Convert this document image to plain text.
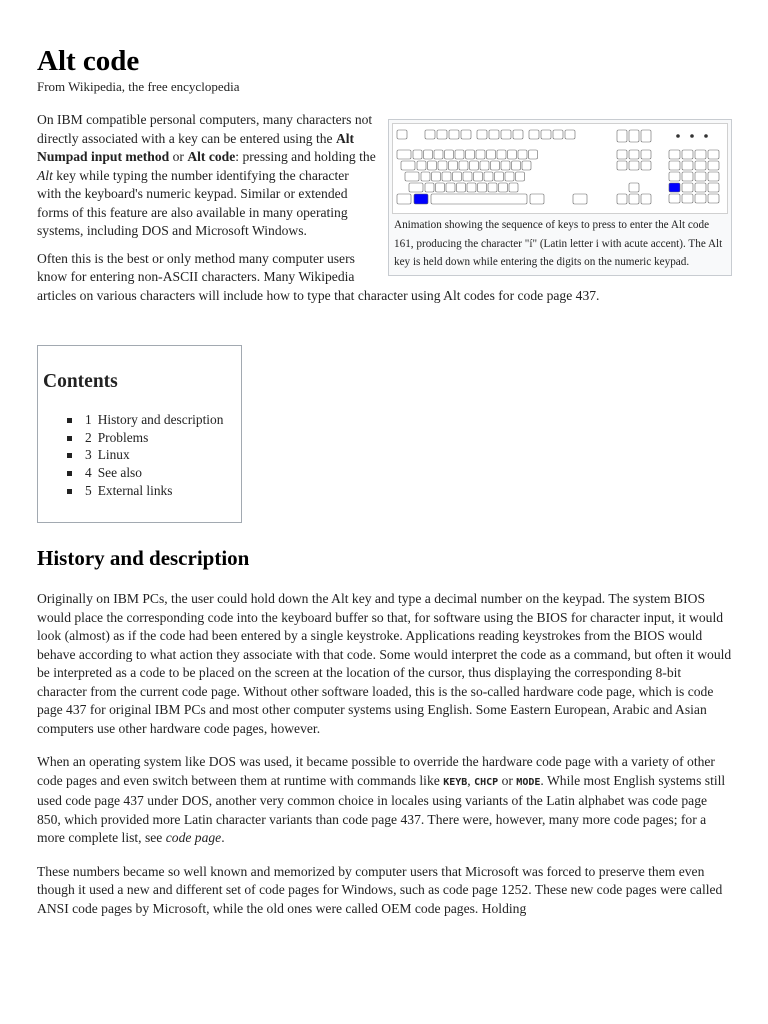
Alt code
From Wikipedia, the free encyclopedia
Animation showing the sequence of keys to press to enter the Alt code 161, producing the character "í" (Latin letter i with acute accent). The Alt key is held down while entering the digits on the numeric keypad.

On IBM compatible personal computers, many characters not directly associated with a key can be entered using the Alt Numpad input method or Alt code: pressing and holding the Alt key while typing the number identifying the character with the keyboard's numeric keypad. Similar or extended forms of this feature are also available in many operating systems, including DOS and Microsoft Windows.

Often this is the best or only method many computer users know for entering non-ASCII characters. Many Wikipedia articles on various characters will include how to type that character using Alt codes for code page 437.

Contents
1 History and description
2 Problems
3 Linux
4 See also
5 External links
History and description

Originally on IBM PCs, the user could hold down the Alt key and type a decimal number on the keypad. The system BIOS would place the corresponding code into the keyboard buffer so that, for software using the BIOS for character input, it would look (almost) as if the code had been entered by a single keystroke. Applications reading keystrokes from the BIOS would behave according to what action they associate with that code. Some would interpret the code as a command, but often it would be interpreted as a code to be placed on the screen at the location of the cursor, thus displaying the corresponding 8-bit character from the current code page. Without other software loaded, this is the so-called hardware code page, which is code page 437 for original IBM PCs and most other computer systems using English. Some Eastern European, Arabic and Asian computers use other hardware code pages, however.

When an operating system like DOS was used, it became possible to override the hardware code page with a variety of other code pages and even switch between them at runtime with commands like KEYB, CHCP or MODE. While most English systems still used code page 437 under DOS, another very common choice in locales using variants of the Latin alphabet was code page 850, which provided more Latin character variants than code page 437. There were, however, many more code pages; for a more complete list, see code page.

These numbers became so well known and memorized by computer users that Microsoft was forced to preserve them even though it used a new and different set of code pages for Windows, such as code page 1252. These new code pages were called ANSI code pages by Microsoft, while the old ones were called OEM code pages. Holding
